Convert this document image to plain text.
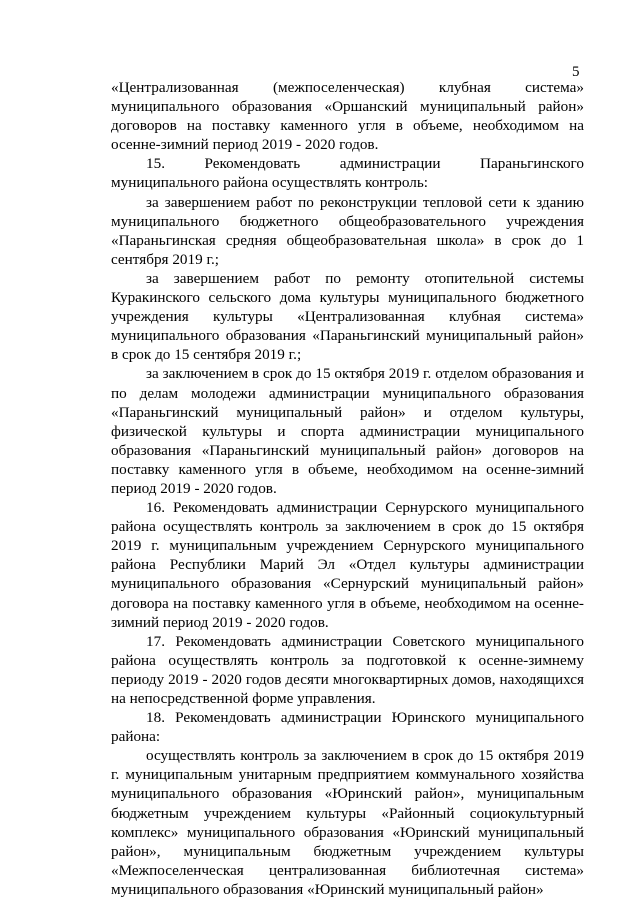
5

«Централизованная (межпоселенческая) клубная система» муниципального образования «Оршанский муниципальный район» договоров на поставку каменного угля в объеме, необходимом на осенне-зимний период 2019 - 2020 годов.

15. Рекомендовать администрации Параньгинского муниципального района осуществлять контроль:

за завершением работ по реконструкции тепловой сети к зданию муниципального бюджетного общеобразовательного учреждения «Параньгинская средняя общеобразовательная школа» в срок до 1 сентября 2019 г.;

за завершением работ по ремонту отопительной системы Куракинского сельского дома культуры муниципального бюджетного учреждения культуры «Централизованная клубная система» муниципального образования «Параньгинский муниципальный район» в срок до 15 сентября 2019 г.;

за заключением в срок до 15 октября 2019 г. отделом образования и по делам молодежи администрации муниципального образования «Параньгинский муниципальный район» и отделом культуры, физической культуры и спорта администрации муниципального образования «Параньгинский муниципальный район» договоров на поставку каменного угля в объеме, необходимом на осенне-зимний период 2019 - 2020 годов.

16. Рекомендовать администрации Сернурского муниципального района осуществлять контроль за заключением в срок до 15 октября 2019 г. муниципальным учреждением Сернурского муниципального района Республики Марий Эл «Отдел культуры администрации муниципального образования «Сернурский муниципальный район» договора на поставку каменного угля в объеме, необходимом на осенне-зимний период 2019 - 2020 годов.

17. Рекомендовать администрации Советского муниципального района осуществлять контроль за подготовкой к осенне-зимнему периоду 2019 - 2020 годов десяти многоквартирных домов, находящихся на непосредственной форме управления.

18. Рекомендовать администрации Юринского муниципального района:

осуществлять контроль за заключением в срок до 15 октября 2019 г. муниципальным унитарным предприятием коммунального хозяйства муниципального образования «Юринский район», муниципальным бюджетным учреждением культуры «Районный социокультурный комплекс» муниципального образования «Юринский муниципальный район», муниципальным бюджетным учреждением культуры «Межпоселенческая централизованная библиотечная система» муниципального образования «Юринский муниципальный район»
